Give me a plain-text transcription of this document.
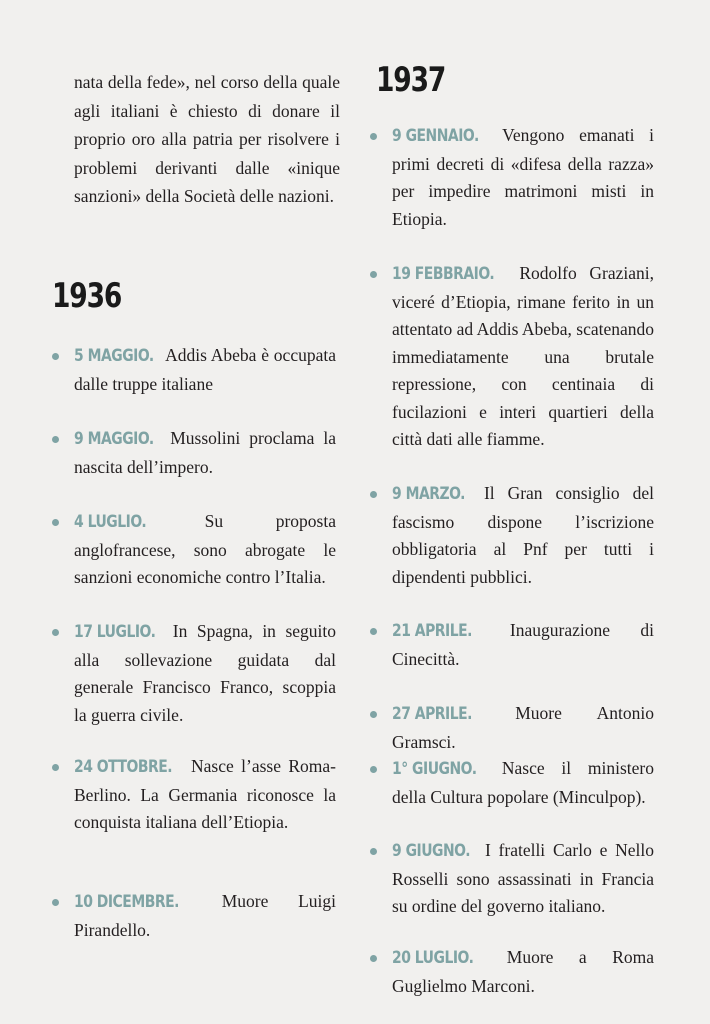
nata della fede», nel corso della quale agli italiani è chiesto di donare il proprio oro alla patria per risolvere i problemi derivanti dalle «inique sanzioni» della Società delle nazioni.
1936
1937
5 MAGGIO. Addis Abeba è occupata dalle truppe italiane
9 MAGGIO. Mussolini proclama la nascita dell’impero.
4 LUGLIO.	Su proposta anglofrancese, sono abrogate le sanzioni economiche contro l’Italia.
17 LUGLIO. In Spagna, in seguito alla sollevazione guidata dal generale Francisco Franco, scoppia la guerra civile.
24 OTTOBRE. Nasce l’asse Roma-Berlino. La Germania riconosce la conquista italiana dell’Etiopia.
10 DICEMBRE. Muore Luigi Pirandello.
9 GENNAIO. Vengono emanati i primi decreti di «difesa della razza» per impedire matrimoni misti in Etiopia.
19 FEBBRAIO. Rodolfo Graziani, viceré d’Etiopia, rimane ferito in un attentato ad Addis Abeba, scatenando immediatamente una brutale repressione, con centinaia di fucilazioni e interi quartieri della città dati alle fiamme.
9 MARZO. Il Gran consiglio del fascismo dispone l’iscrizione obbligatoria al Pnf per tutti i dipendenti pubblici.
21 APRILE. Inaugurazione di Cinecittà.
27 APRILE. Muore Antonio Gramsci.
1° GIUGNO. Nasce il ministero della Cultura popolare (Minculpop).
9 GIUGNO. I fratelli Carlo e Nello Rosselli sono assassinati in Francia su ordine del governo italiano.
20 LUGLIO. Muore a Roma Guglielmo Marconi.
